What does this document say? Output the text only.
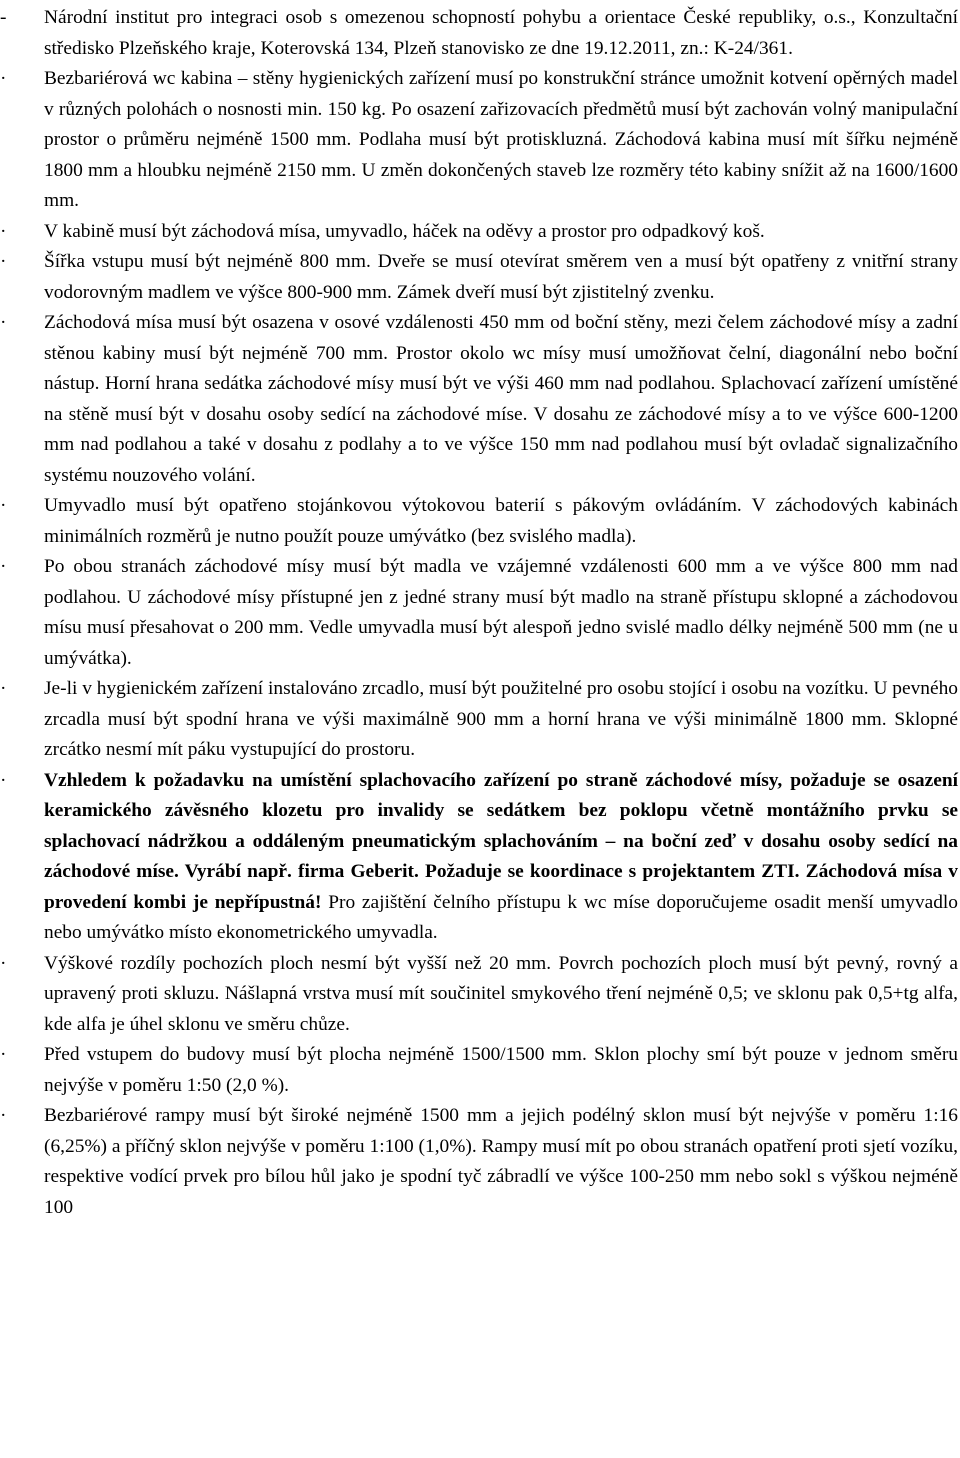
-	Národní institut pro integraci osob s omezenou schopností pohybu a orientace České republiky, o.s., Konzultační středisko Plzeňského kraje, Koterovská 134, Plzeň stanovisko ze dne 19.12.2011, zn.: K-24/361.
·	Bezbariérová wc kabina – stěny hygienických zařízení musí po konstrukční stránce umožnit kotvení opěrných madel v různých polohách o nosnosti min. 150 kg. Po osazení zařizovacích předmětů musí být zachován volný manipulační prostor o průměru nejméně 1500 mm. Podlaha musí být protiskluzná. Záchodová kabina musí mít šířku nejméně 1800 mm a hloubku nejméně 2150 mm. U změn dokončených staveb lze rozměry této kabiny snížit až na 1600/1600 mm.
·	V kabině musí být záchodová mísa, umyvadlo, háček na oděvy a prostor pro odpadkový koš.
·	Šířka vstupu musí být nejméně 800 mm. Dveře se musí otevírat směrem ven a musí být opatřeny z vnitřní strany vodorovným madlem ve výšce 800-900 mm. Zámek dveří musí být zjistitelný zvenku.
·	Záchodová mísa musí být osazena v osové vzdálenosti 450 mm od boční stěny, mezi čelem záchodové mísy a zadní stěnou kabiny musí být nejméně 700 mm. Prostor okolo wc mísy musí umožňovat čelní, diagonální nebo boční nástup. Horní hrana sedátka záchodové mísy musí být ve výši 460 mm nad podlahou. Splachovací zařízení umístěné na stěně musí být v dosahu osoby sedící na záchodové míse. V dosahu ze záchodové mísy a to ve výšce 600-1200 mm nad podlahou a také v dosahu z podlahy a to ve výšce 150 mm nad podlahou musí být ovladač signalizačního systému nouzového volání.
·	Umyvadlo musí být opatřeno stojánkovou výtokovou baterií s pákovým ovládáním. V záchodových kabinách minimálních rozměrů je nutno použít pouze umývátko (bez svislého madla).
·	Po obou stranách záchodové mísy musí být madla ve vzájemné vzdálenosti 600 mm a ve výšce 800 mm nad podlahou. U záchodové mísy přístupné jen z jedné strany musí být madlo na straně přístupu sklopné a záchodovou mísu musí přesahovat o 200 mm. Vedle umyvadla musí být alespoň jedno svislé madlo délky nejméně 500 mm (ne u umývátka).
·	Je-li v hygienickém zařízení instalováno zrcadlo, musí být použitelné pro osobu stojící i osobu na vozítku. U pevného zrcadla musí být spodní hrana ve výši maximálně 900 mm a horní hrana ve výši minimálně 1800 mm. Sklopné zrcátko nesmí mít páku vystupující do prostoru.
·	Vzhledem k požadavku na umístění splachovacího zařízení po straně záchodové mísy, požaduje se osazení keramického závěsného klozetu pro invalidy se sedátkem bez poklopu včetně montážního prvku se splachovací nádržkou a oddáleným pneumatickým splachováním – na boční zeď v dosahu osoby sedící na záchodové míse. Vyrábí např. firma Geberit. Požaduje se koordinace s projektantem ZTI. Záchodová mísa v provedení kombi je nepřípustná! Pro zajištění čelního přístupu k wc míse doporučujeme osadit menší umyvadlo nebo umývátko místo ekonometrického umyvadla.
·	Výškové rozdíly pochozích ploch nesmí být vyšší než 20 mm. Povrch pochozích ploch musí být pevný, rovný a upravený proti skluzu. Nášlapná vrstva musí mít součinitel smykového tření nejméně 0,5; ve sklonu pak 0,5+tg alfa, kde alfa je úhel sklonu ve směru chůze.
·	Před vstupem do budovy musí být plocha nejméně 1500/1500 mm. Sklon plochy smí být pouze v jednom směru nejvýše v poměru 1:50 (2,0 %).
·	Bezbariérové rampy musí být široké nejméně 1500 mm a jejich podélný sklon musí být nejvýše v poměru 1:16 (6,25%) a příčný sklon nejvýše v poměru 1:100 (1,0%). Rampy musí mít po obou stranách opatření proti sjetí vozíku, respektive vodící prvek pro bílou hůl jako je spodní tyč zábradlí ve výšce 100-250 mm nebo sokl s výškou nejméně 100
